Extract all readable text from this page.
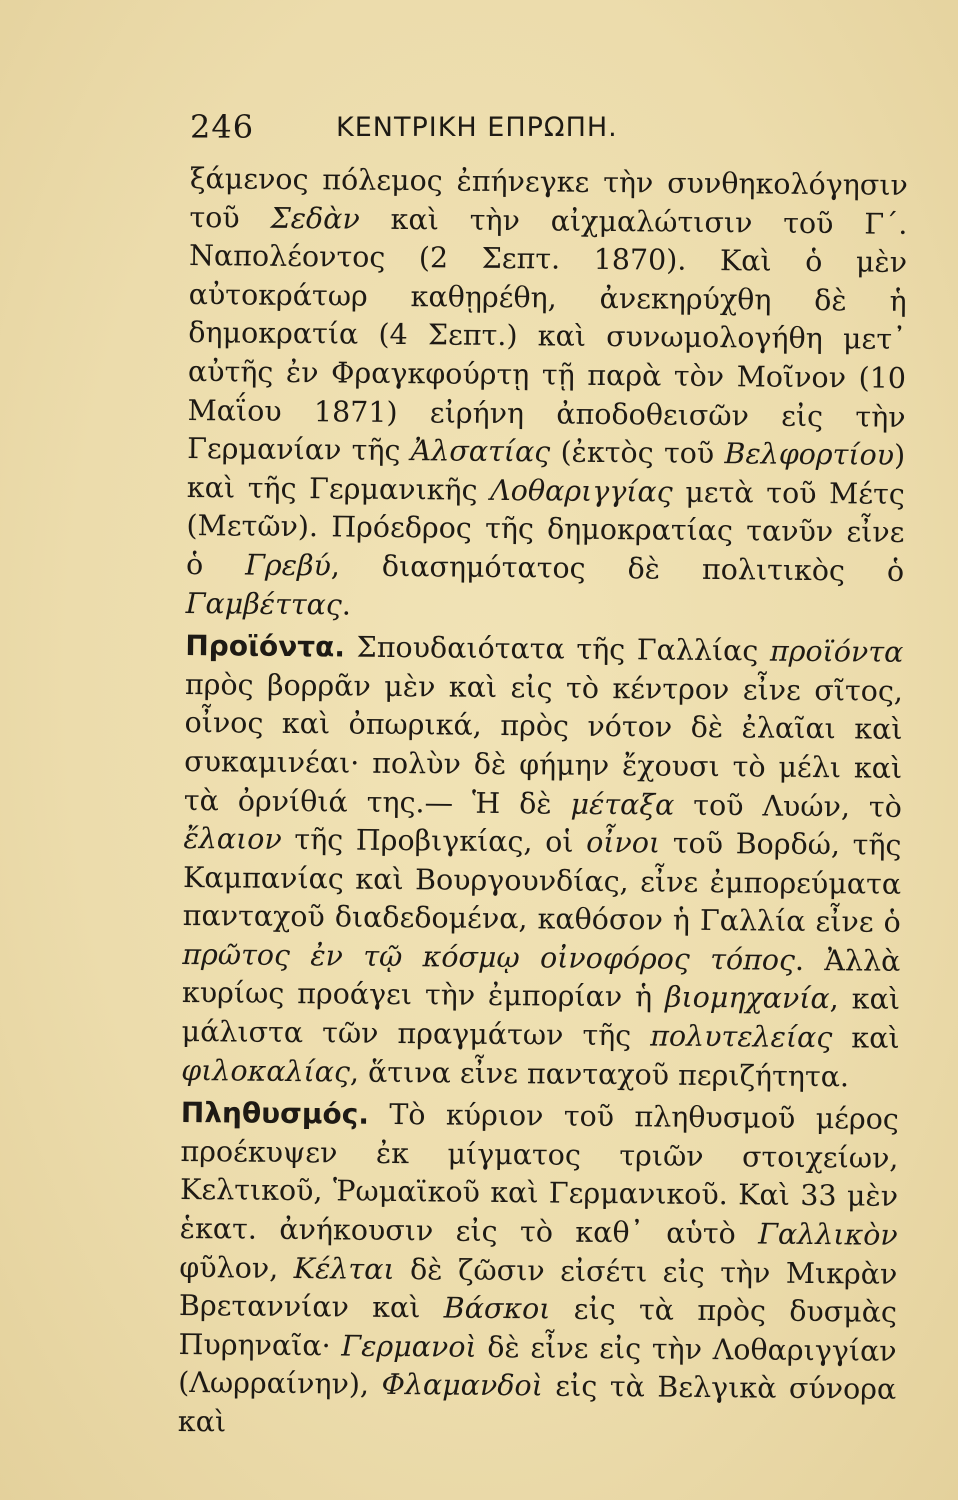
246	ΚΕΝΤΡΙΚΗ ΕΠΡΩΠΗ.

ξάμενος πόλεμος ἐπήνεγκε τὴν συνθηκολόγησιν τοῦ Σεδὰν καὶ τὴν αἰχμαλώτισιν τοῦ Γ΄. Ναπολέοντος (2 Σεπτ. 1870). Καὶ ὁ μὲν αὐτοκράτωρ καθῃρέθη, ἀνεκηρύχθη δὲ ἡ δημοκρατία (4 Σεπτ.) καὶ συνωμολογήθη μετ᾽ αὐτῆς ἐν Φραγκφούρτῃ τῇ παρὰ τὸν Μοῖνον (10 Μαΐου 1871) εἰρήνη ἀποδοθεισῶν εἰς τὴν Γερμανίαν τῆς Ἀλσατίας (ἐκτὸς τοῦ Βελφορτίου) καὶ τῆς Γερμανικῆς Λοθαριγγίας μετὰ τοῦ Μέτς (Μετῶν). Πρόεδρος τῆς δημοκρατίας τανῦν εἶνε ὁ Γρεβύ, διασημότατος δὲ πολιτικὸς ὁ Γαμβέττας.

Προϊόντα. Σπουδαιότατα τῆς Γαλλίας προϊόντα πρὸς βορρᾶν μὲν καὶ εἰς τὸ κέντρον εἶνε σῖτος, οἶνος καὶ ὀπωρικά, πρὸς νότον δὲ ἐλαῖαι καὶ συκαμινέαι· πολὺν δὲ φήμην ἔχουσι τὸ μέλι καὶ τὰ ὀρνίθιά της.— Ἡ δὲ μέταξα τοῦ Λυών, τὸ ἔλαιον τῆς Προβιγκίας, οἱ οἶνοι τοῦ Βορδώ, τῆς Καμπανίας καὶ Βουργουνδίας, εἶνε ἐμπορεύματα πανταχοῦ διαδεδομένα, καθόσον ἡ Γαλλία εἶνε ὁ πρῶτος ἐν τῷ κόσμῳ οἰνοφόρος τόπος. Ἀλλὰ κυρίως προάγει τὴν ἐμπορίαν ἡ βιομηχανία, καὶ μάλιστα τῶν πραγμάτων τῆς πολυτελείας καὶ φιλοκαλίας, ἅτινα εἶνε πανταχοῦ περιζήτητα.

Πληθυσμός. Τὸ κύριον τοῦ πληθυσμοῦ μέρος προέκυψεν ἐκ μίγματος τριῶν στοιχείων, Κελτικοῦ, Ῥωμαϊκοῦ καὶ Γερμανικοῦ. Καὶ 33 μὲν ἑκατ. ἀνήκουσιν εἰς τὸ καθ᾽ αὑτὸ Γαλλικὸν φῦλον, Κέλται δὲ ζῶσιν εἰσέτι εἰς τὴν Μικρὰν Βρεταννίαν καὶ Βάσκοι εἰς τὰ πρὸς δυσμὰς Πυρηναῖα· Γερμανοὶ δὲ εἶνε εἰς τὴν Λοθαριγγίαν (Λωρραίνην), Φλαμανδοὶ εἰς τὰ Βελγικὰ σύνορα καὶ
